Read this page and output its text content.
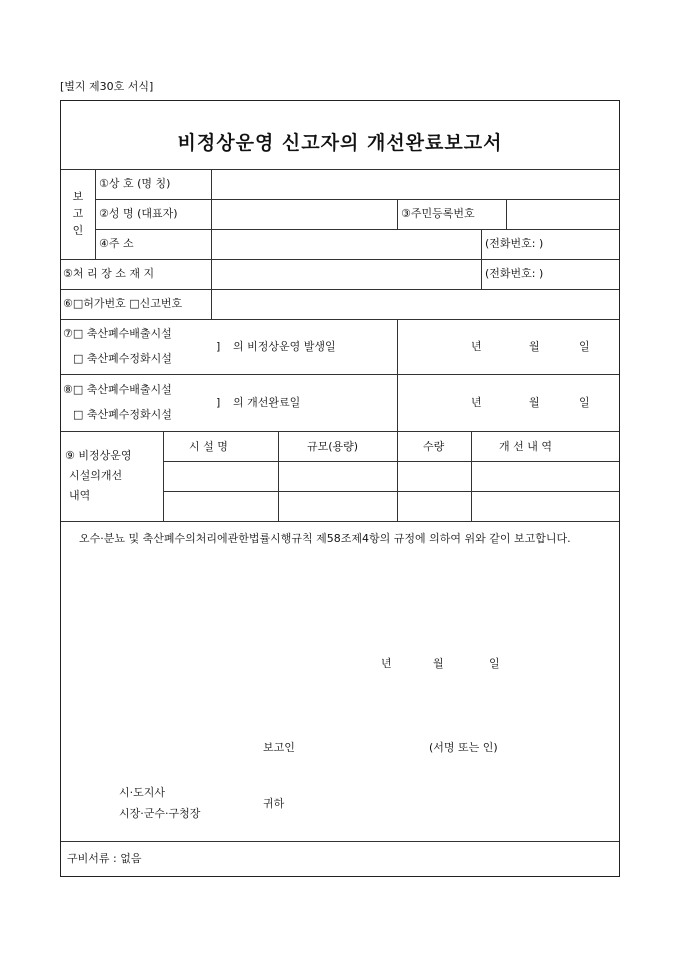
[별지 제30호 서식]
비정상운영 신고자의 개선완료보고서
보
고
인
①상 호 (명 칭)
②성 명 (대표자)	③주민등록번호
④주 소	(전화번호: )
⑤처 리 장 소 재 지	(전화번호: )
⑥□허가번호 □신고번호
⑦□ 축산폐수배출시설
□ 축산폐수정화시설
] 의 비정상운영 발생일	년	월	일
⑧□ 축산폐수배출시설
□ 축산폐수정화시설
] 의 개선완료일	년	월	일
⑨ 비정상운영
시설의개선
내역
시 설 명	규모(용량)	수량	개 선 내 역
오수·분뇨 및 축산폐수의처리에관한법률시행규칙 제58조제4항의 규정에 의하여 위와 같이 보고합니다.
년	월	일
보고인	(서명 또는 인)
시·도지사
시장·군수·구청장
귀하
구비서류 : 없음
